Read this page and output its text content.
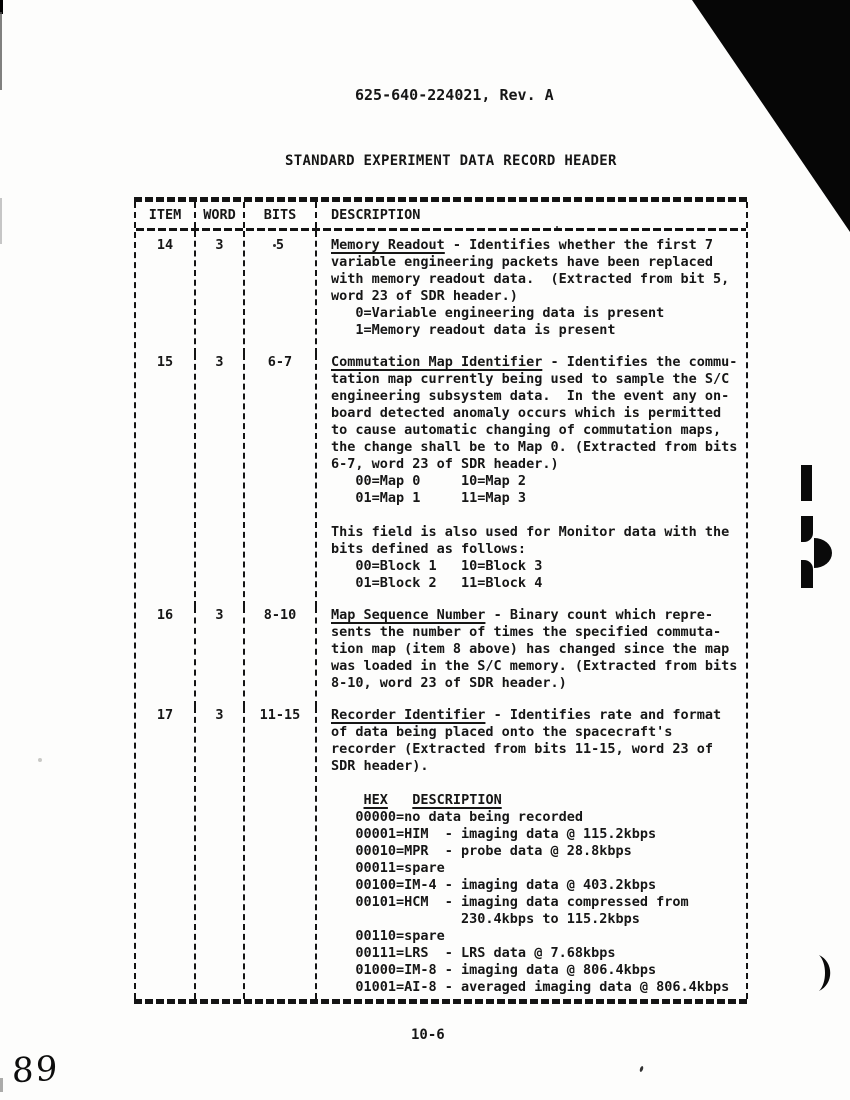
625-640-224021, Rev. A
STANDARD EXPERIMENT DATA RECORD HEADER
ITEM	WORD	BITS	DESCRIPTION
14	3	5	Memory Readout - Identifies whether the first 7
variable engineering packets have been replaced
with memory readout data.  (Extracted from bit 5,
word 23 of SDR header.)
0=Variable engineering data is present
1=Memory readout data is present
15	3	6-7	Commutation Map Identifier - Identifies the commu-
tation map currently being used to sample the S/C
engineering subsystem data.  In the event any on-
board detected anomaly occurs which is permitted
to cause automatic changing of commutation maps,
the change shall be to Map 0. (Extracted from bits
6-7, word 23 of SDR header.)
00=Map 0     10=Map 2
01=Map 1     11=Map 3

This field is also used for Monitor data with the
bits defined as follows:
00=Block 1   10=Block 3
01=Block 2   11=Block 4
16	3	8-10	Map Sequence Number - Binary count which repre-
sents the number of times the specified commuta-
tion map (item 8 above) has changed since the map
was loaded in the S/C memory. (Extracted from bits
8-10, word 23 of SDR header.)
17	3	11-15	Recorder Identifier - Identifies rate and format
of data being placed onto the spacecraft's
recorder (Extracted from bits 11-15, word 23 of
SDR header).

HEX DESCRIPTION
00000=no data being recorded
00001=HIM  - imaging data @ 115.2kbps
00010=MPR  - probe data @ 28.8kbps
00011=spare
00100=IM-4 - imaging data @ 403.2kbps
00101=HCM  - imaging data compressed from
230.4kbps to 115.2kbps
00110=spare
00111=LRS  - LRS data @ 7.68kbps
01000=IM-8 - imaging data @ 806.4kbps
01001=AI-8 - averaged imaging data @ 806.4kbps
10-6
89
